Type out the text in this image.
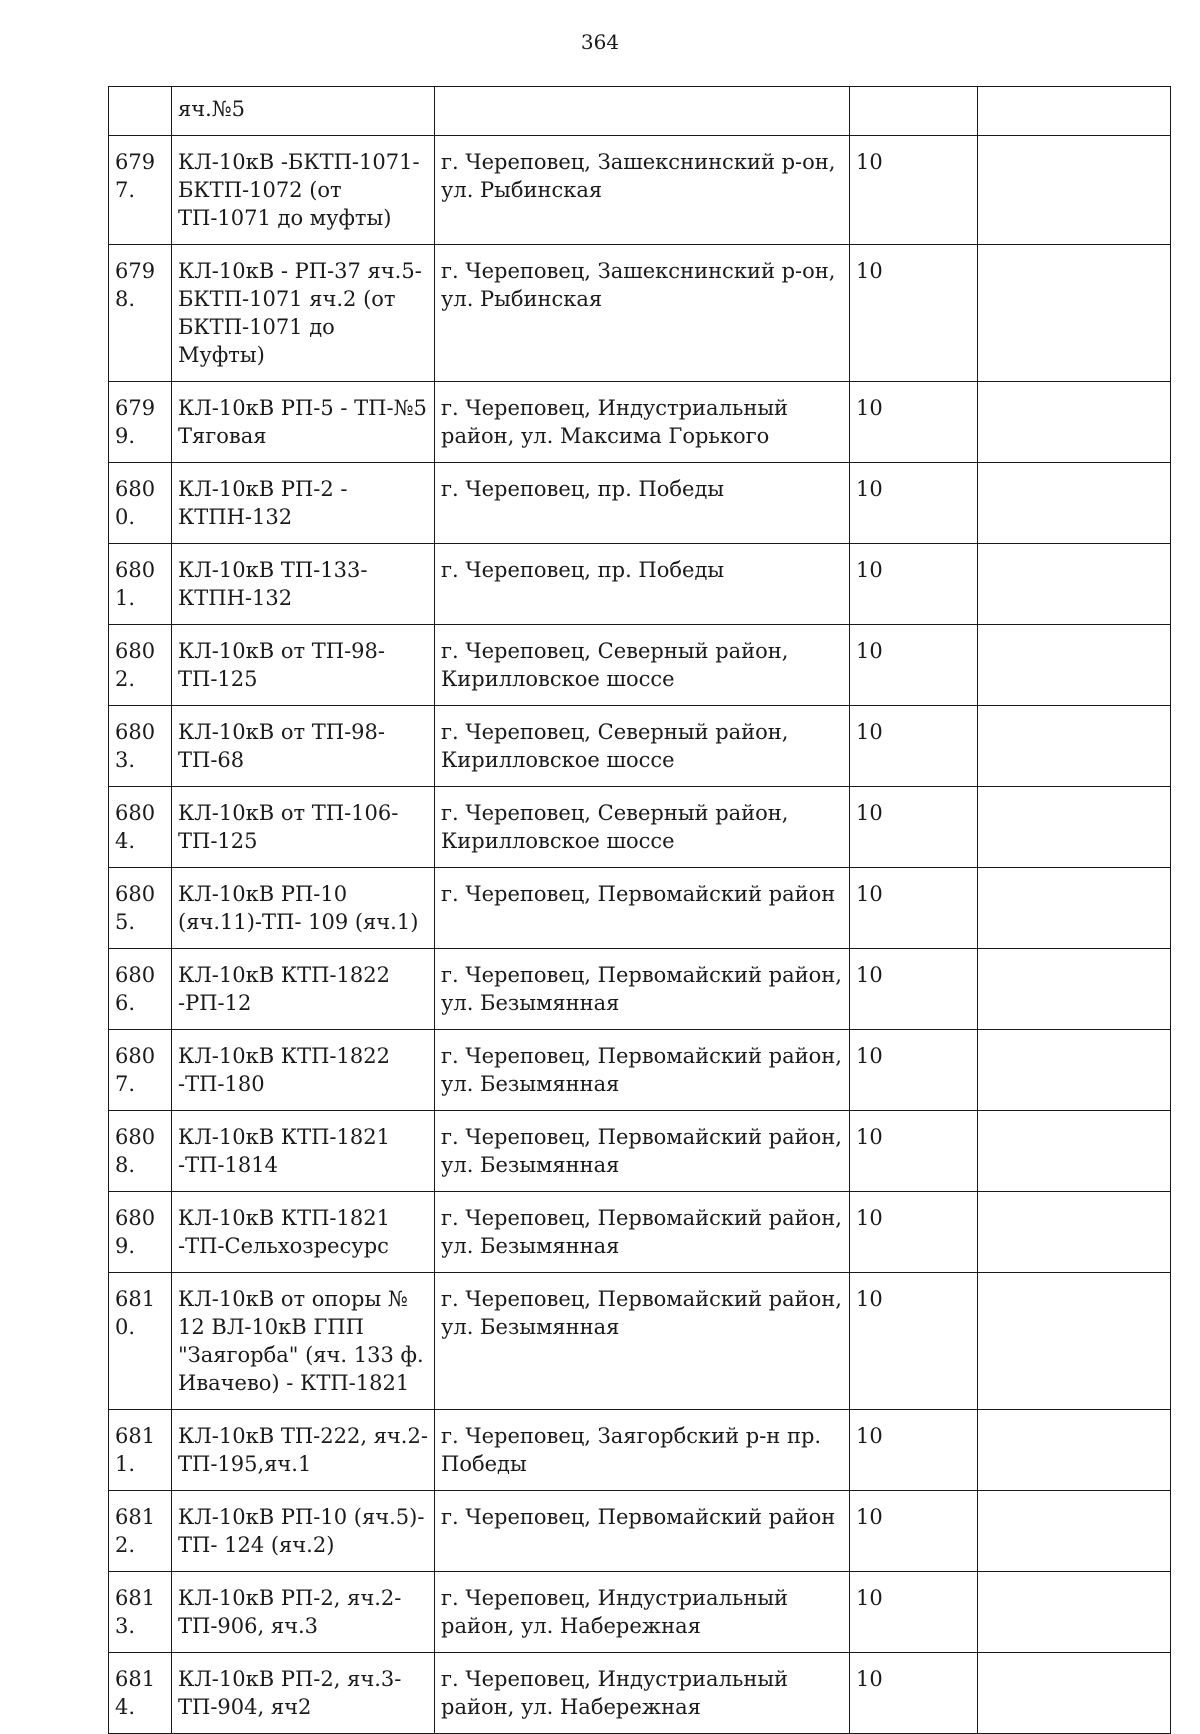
364
	яч.№5			
6797.	КЛ-10кВ -БКТП-1071-БКТП-1072 (от ТП-1071 до муфты)	г. Череповец, Зашекснинский р-он, ул. Рыбинская	10	
6798.	КЛ-10кВ - РП-37 яч.5-БКТП-1071 яч.2 (от БКТП-1071 до Муфты)	г. Череповец, Зашекснинский р-он, ул. Рыбинская	10	
6799.	КЛ-10кВ РП-5 - ТП-№5 Тяговая	г. Череповец, Индустриальный район, ул. Максима Горького	10	
6800.	КЛ-10кВ РП-2 - КТПН-132	г. Череповец, пр. Победы	10	
6801.	КЛ-10кВ ТП-133-КТПН-132	г. Череповец, пр. Победы	10	
6802.	КЛ-10кВ от ТП-98- ТП-125	г. Череповец, Северный район, Кирилловское шоссе	10	
6803.	КЛ-10кВ от ТП-98- ТП-68	г. Череповец, Северный район, Кирилловское шоссе	10	
6804.	КЛ-10кВ от ТП-106-ТП-125	г. Череповец, Северный район, Кирилловское шоссе	10	
6805.	КЛ-10кВ РП-10 (яч.11)-ТП- 109 (яч.1)	г. Череповец, Первомайский район	10	
6806.	КЛ-10кВ КТП-1822 -РП-12	г. Череповец, Первомайский район, ул. Безымянная	10	
6807.	КЛ-10кВ КТП-1822 -ТП-180	г. Череповец, Первомайский район, ул. Безымянная	10	
6808.	КЛ-10кВ КТП-1821 -ТП-1814	г. Череповец, Первомайский район, ул. Безымянная	10	
6809.	КЛ-10кВ КТП-1821 -ТП-Сельхозресурс	г. Череповец, Первомайский район, ул. Безымянная	10	
6810.	КЛ-10кВ от опоры № 12 ВЛ-10кВ ГПП "Заягорба" (яч. 133 ф. Ивачево) - КТП-1821	г. Череповец, Первомайский район, ул. Безымянная	10	
6811.	КЛ-10кВ ТП-222, яч.2-ТП-195,яч.1	г. Череповец, Заягорбский р-н пр. Победы	10	
6812.	КЛ-10кВ РП-10 (яч.5)-ТП- 124 (яч.2)	г. Череповец, Первомайский район	10	
6813.	КЛ-10кВ РП-2, яч.2-ТП-906, яч.3	г. Череповец, Индустриальный район, ул. Набережная	10	
6814.	КЛ-10кВ РП-2, яч.3-ТП-904, яч2	г. Череповец, Индустриальный район, ул. Набережная	10	
